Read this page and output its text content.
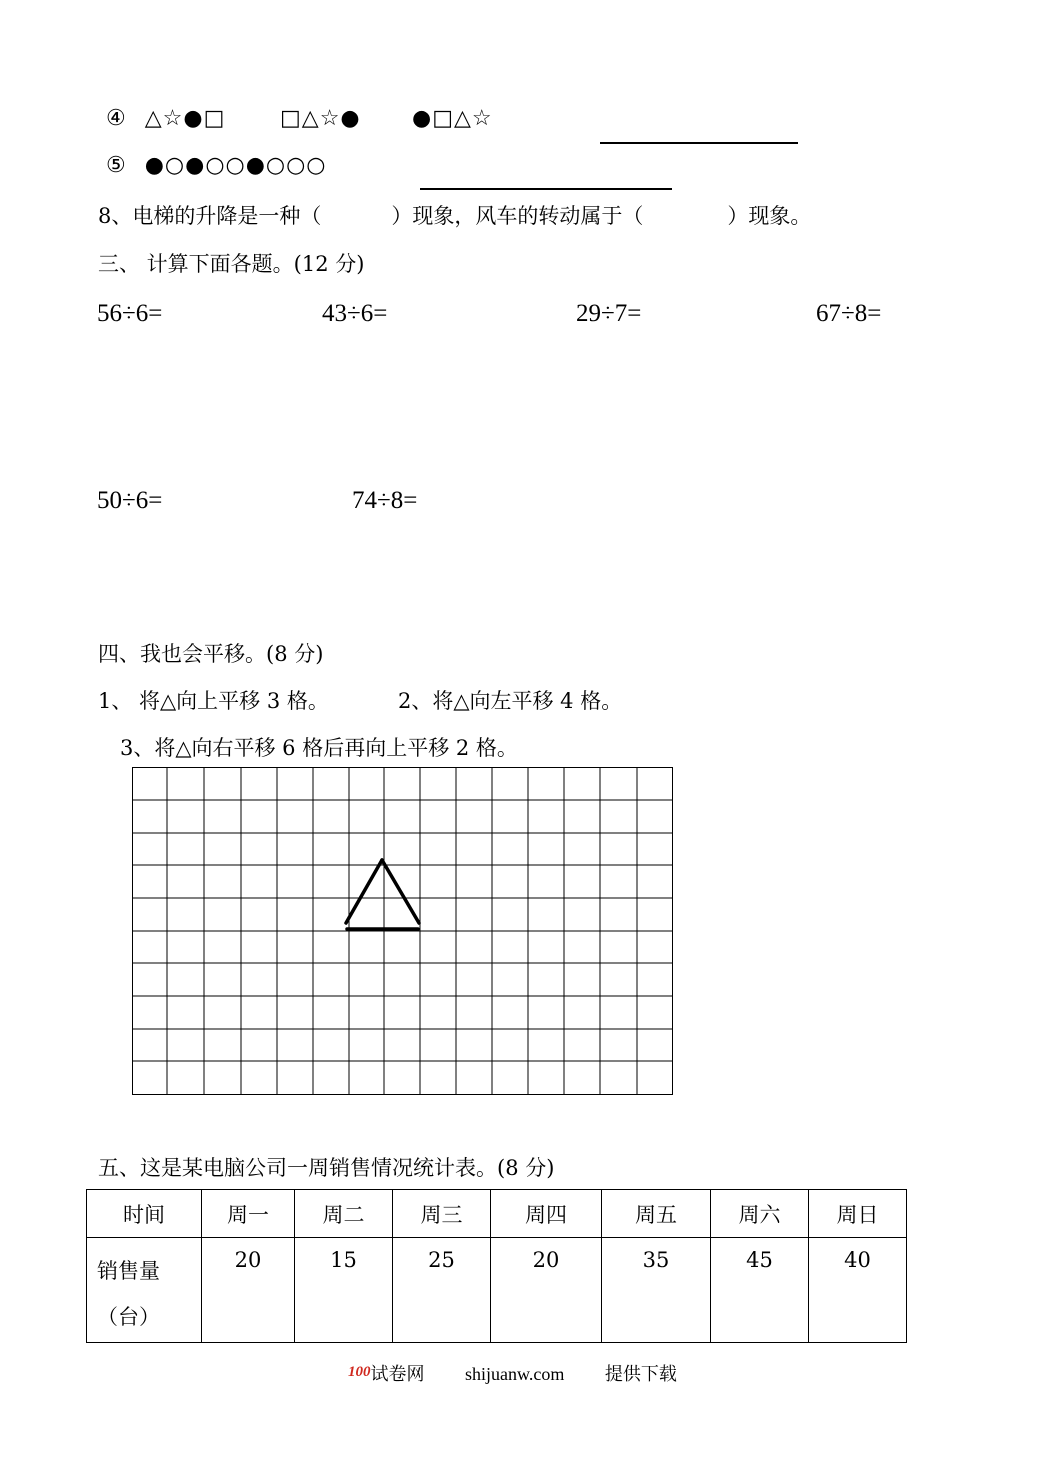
④ △☆●□ □△☆● ●□△☆
⑤ ●○●○○●○○○
8、电梯的升降是一种（	）现象，风车的转动属于（	）现象。
三、 计算下面各题。(12 分)
56÷6=	43÷6=	29÷7=	67÷8=
50÷6=	74÷8=
四、我也会平移。(8 分)
1、 将△向上平移 3 格。	2、将△向左平移 4 格。
3、将△向右平移 6 格后再向上平移 2 格。
五、这是某电脑公司一周销售情况统计表。(8 分)
时间	周一	周二	周三	周四	周五	周六	周日

销售量
（台）	20	15	25	20	35	45	40
$^{100}$试卷网 shijuanw.com 提供下载
